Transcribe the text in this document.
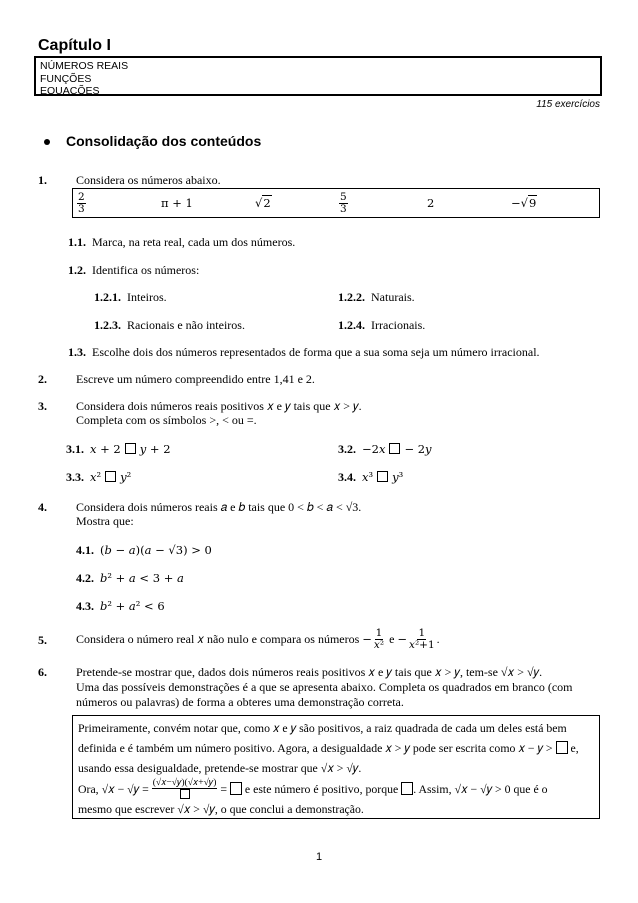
Capítulo I
NÚMEROS REAIS
FUNÇÕES
EQUAÇÕES
115 exercícios
Consolidação dos conteúdos
1. Considera os números abaixo.
$\frac{2}{3}$	π + 1	√ 2	$\frac{5}{3}$	2	−√ 9
1.1. Marca, na reta real, cada um dos números.
1.2. Identifica os números:
1.2.1. Inteiros.	1.2.2. Naturais.
1.2.3. Racionais e não inteiros.	1.2.4. Irracionais.
1.3. Escolhe dois dos números representados de forma que a sua soma seja um número irracional.
2. Escreve um número compreendido entre 1,41 e 2.
3. Considera dois números reais positivos 𝑥 e 𝑦 tais que 𝑥 > 𝑦.
Completa com os símbolos >, < ou =.
3.1. 𝑥 + 2 𝑦 + 2	3.2. −2𝑥 − 2𝑦
3.3. 𝑥² 𝑦²	3.4. 𝑥³ 𝑦³
4. Considera dois números reais 𝑎 e 𝑏 tais que 0 < 𝑏 < 𝑎 < √3.
Mostra que:
4.1. (𝑏 − 𝑎)(𝑎 − √3) > 0
4.2. 𝑏² + 𝑎 < 3 + 𝑎
4.3. 𝑏² + 𝑎² < 6
5. Considera o número real 𝑥 não nulo e compara os números
− $\frac{1}{\text{𝑥²}}$
e
− $\frac{1}{\text{𝑥²+1}}$ .
6. Pretende-se mostrar que, dados dois números reais positivos 𝑥 e 𝑦 tais que 𝑥 > 𝑦, tem-se √𝑥 > √𝑦.
Uma das possíveis demonstrações é a que se apresenta abaixo. Completa os quadrados em branco (com
números ou palavras) de forma a obteres uma demonstração correta.
Primeiramente, convém notar que, como 𝑥 e 𝑦 são positivos, a raiz quadrada de cada um deles está bem
definida e é também um número positivo. Agora, a desigualdade 𝑥 > 𝑦 pode ser escrita como 𝑥 − 𝑦 > e,
usando essa desigualdade, pretende-se mostrar que √𝑥 > √𝑦.
Ora, √𝑥 − √𝑦 =
(√𝑥−√𝑦)(√𝑥+√𝑦)
=

e este número é positivo, porque
. Assim, √𝑥 − √𝑦 > 0 que é o
mesmo que escrever √𝑥 > √𝑦, o que conclui a demonstração.
1
